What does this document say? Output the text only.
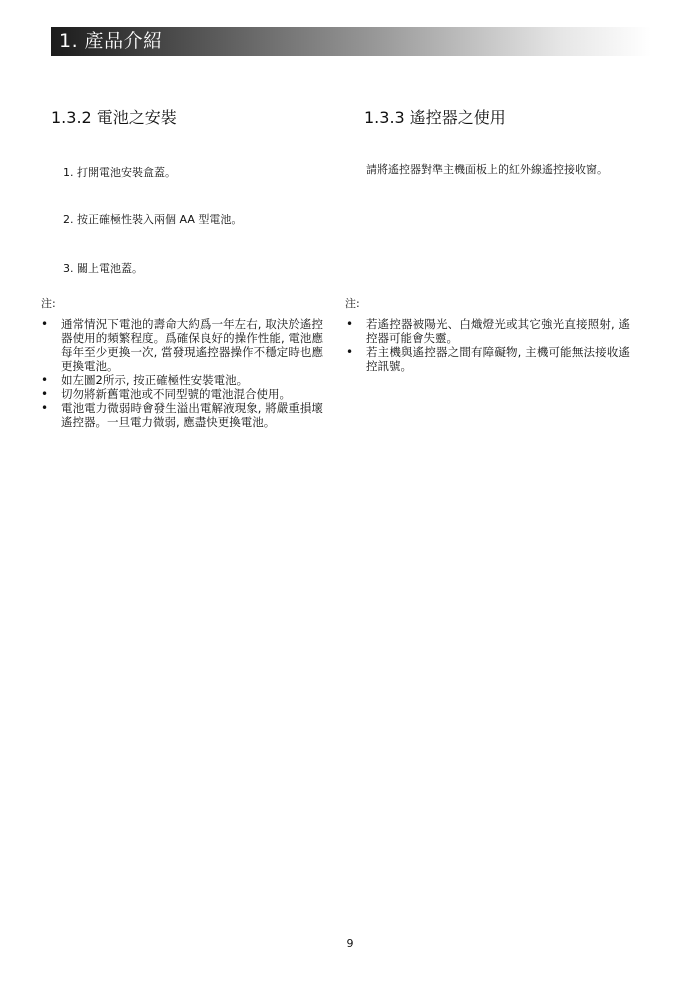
1. 產品介紹
1.3.2 電池之安裝
1. 打開電池安裝盒蓋。
2. 按正確極性裝入兩個 AA 型電池。
3. 關上電池蓋。
注:
• 通常情況下電池的壽命大約爲一年左右, 取決於遙控器使用的頻繁程度。爲確保良好的操作性能, 電池應每年至少更換一次, 當發現遙控器操作不穩定時也應更換電池。
• 如左圖2所示, 按正確極性安裝電池。
• 切勿將新舊電池或不同型號的電池混合使用。
• 電池電力微弱時會發生溢出電解液現象, 將嚴重損壞遙控器。一旦電力微弱, 應盡快更換電池。
1.3.3 遙控器之使用
請將遙控器對準主機面板上的紅外線遙控接收窗。
注:
• 若遙控器被陽光、白熾燈光或其它強光直接照射, 遙控器可能會失靈。
• 若主機與遙控器之間有障礙物, 主機可能無法接收遙控訊號。
9
